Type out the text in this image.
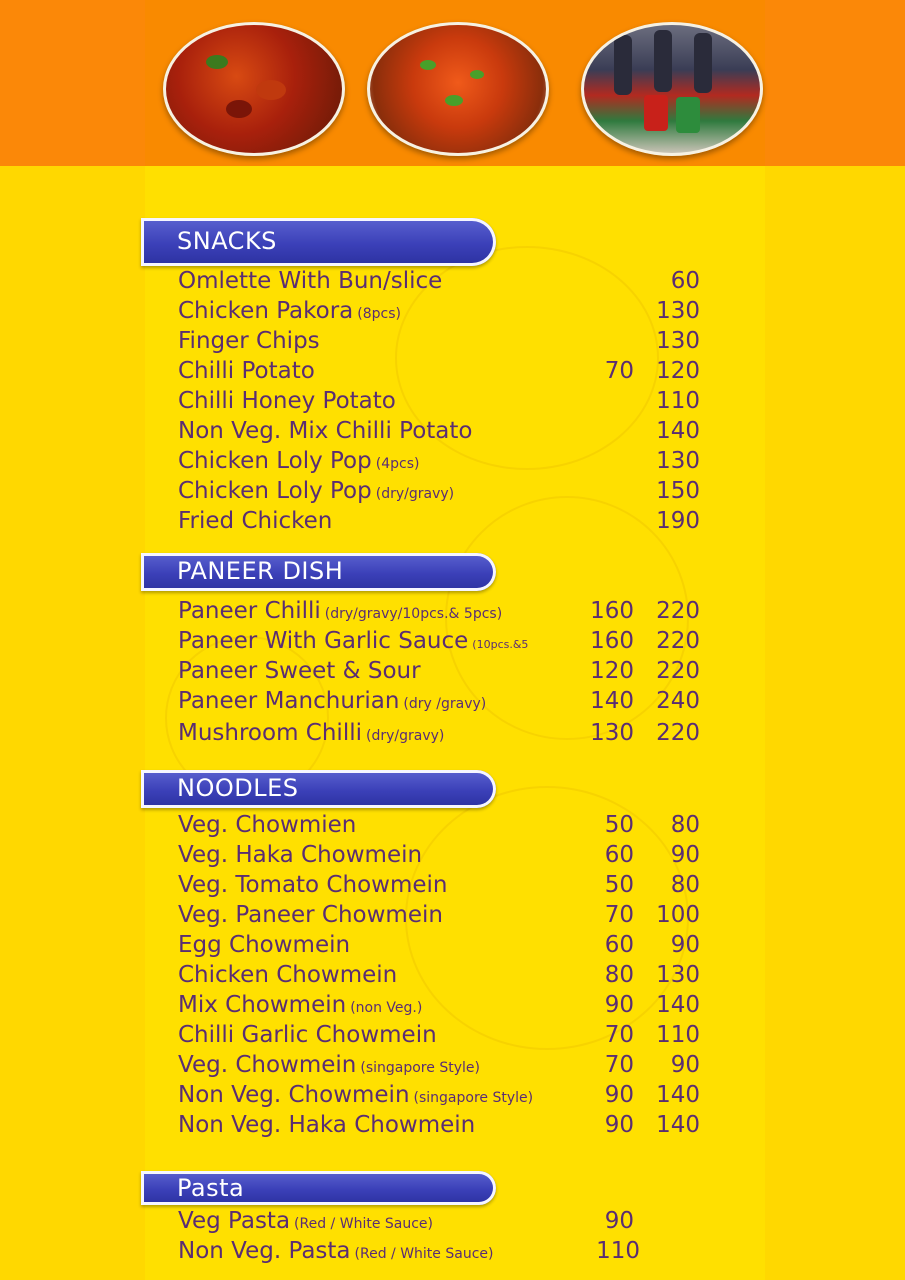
SNACKS
Omlette With Bun/slice	60
Chicken Pakora (8pcs)	130
Finger Chips	130
Chilli Potato	70 120
Chilli Honey Potato	110
Non Veg. Mix Chilli Potato	140
Chicken Loly Pop (4pcs)	130
Chicken Loly Pop (dry/gravy)	150
Fried Chicken	190
PANEER DISH
Paneer Chilli (dry/gravy/10pcs.& 5pcs)	160 220
Paneer With Garlic Sauce (10pcs.&5	160 220
Paneer Sweet & Sour	120 220
Paneer Manchurian (dry /gravy)	140 240
Mushroom Chilli (dry/gravy)	130 220
NOODLES
Veg. Chowmien	50 80
Veg. Haka Chowmein	60 90
Veg. Tomato Chowmein	50 80
Veg. Paneer Chowmein	70 100
Egg Chowmein	60 90
Chicken Chowmein	80 130
Mix Chowmein (non Veg.)	90 140
Chilli Garlic Chowmein	70 110
Veg. Chowmein (singapore Style)	70 90
Non Veg. Chowmein (singapore Style)	90 140
Non Veg. Haka Chowmein	90 140
Pasta
Veg Pasta (Red / White Sauce)	90
Non Veg. Pasta (Red / White Sauce)	110
